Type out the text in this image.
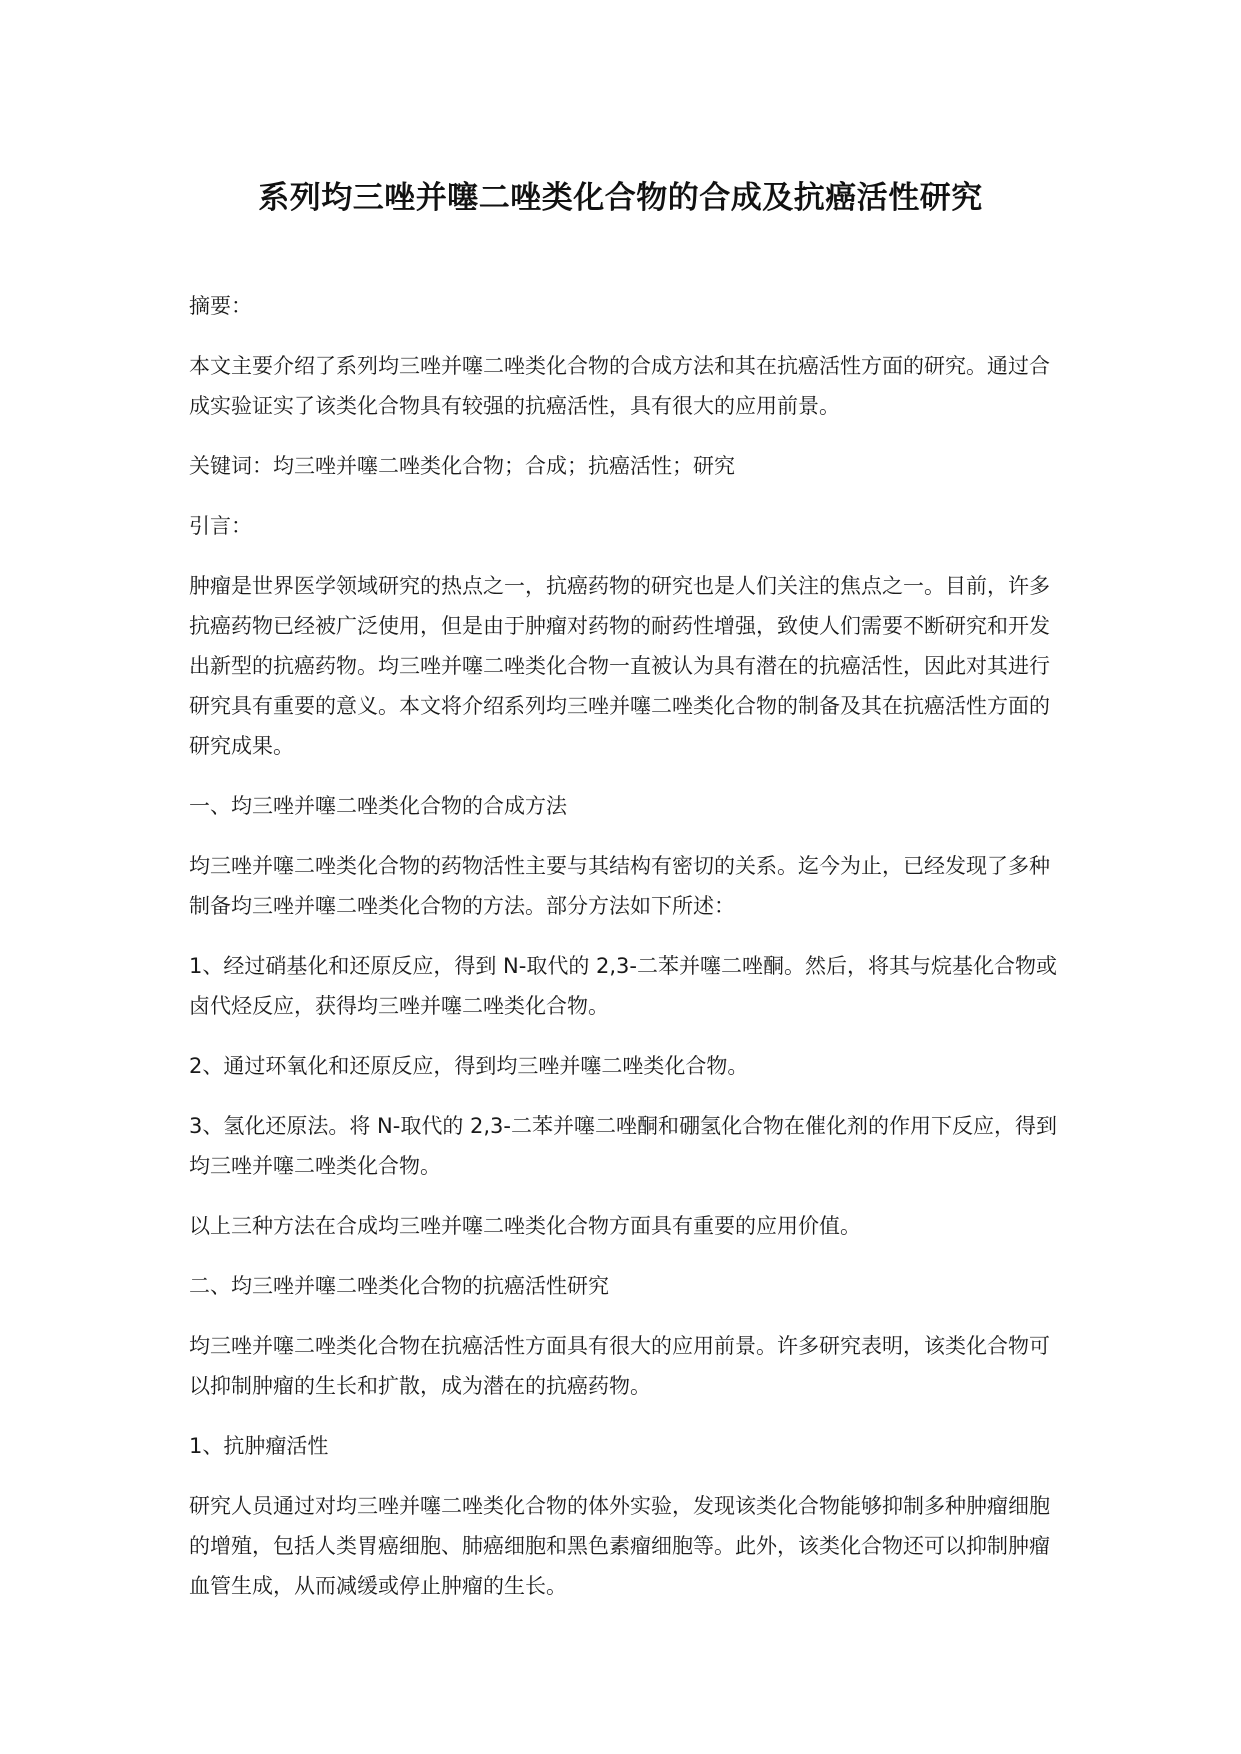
系列均三唑并噻二唑类化合物的合成及抗癌活性研究

摘要：

本文主要介绍了系列均三唑并噻二唑类化合物的合成方法和其在抗癌活性方面的研究。通过合成实验证实了该类化合物具有较强的抗癌活性，具有很大的应用前景。

关键词：均三唑并噻二唑类化合物；合成；抗癌活性；研究

引言：

肿瘤是世界医学领域研究的热点之一，抗癌药物的研究也是人们关注的焦点之一。目前，许多抗癌药物已经被广泛使用，但是由于肿瘤对药物的耐药性增强，致使人们需要不断研究和开发出新型的抗癌药物。均三唑并噻二唑类化合物一直被认为具有潜在的抗癌活性，因此对其进行研究具有重要的意义。本文将介绍系列均三唑并噻二唑类化合物的制备及其在抗癌活性方面的研究成果。

一、均三唑并噻二唑类化合物的合成方法

均三唑并噻二唑类化合物的药物活性主要与其结构有密切的关系。迄今为止，已经发现了多种制备均三唑并噻二唑类化合物的方法。部分方法如下所述：

1、经过硝基化和还原反应，得到 N-取代的 2,3-二苯并噻二唑酮。然后，将其与烷基化合物或卤代烃反应，获得均三唑并噻二唑类化合物。

2、通过环氧化和还原反应，得到均三唑并噻二唑类化合物。

3、氢化还原法。将 N-取代的 2,3-二苯并噻二唑酮和硼氢化合物在催化剂的作用下反应，得到均三唑并噻二唑类化合物。

以上三种方法在合成均三唑并噻二唑类化合物方面具有重要的应用价值。

二、均三唑并噻二唑类化合物的抗癌活性研究

均三唑并噻二唑类化合物在抗癌活性方面具有很大的应用前景。许多研究表明，该类化合物可以抑制肿瘤的生长和扩散，成为潜在的抗癌药物。

1、抗肿瘤活性

研究人员通过对均三唑并噻二唑类化合物的体外实验，发现该类化合物能够抑制多种肿瘤细胞的增殖，包括人类胃癌细胞、肺癌细胞和黑色素瘤细胞等。此外，该类化合物还可以抑制肿瘤血管生成，从而减缓或停止肿瘤的生长。
